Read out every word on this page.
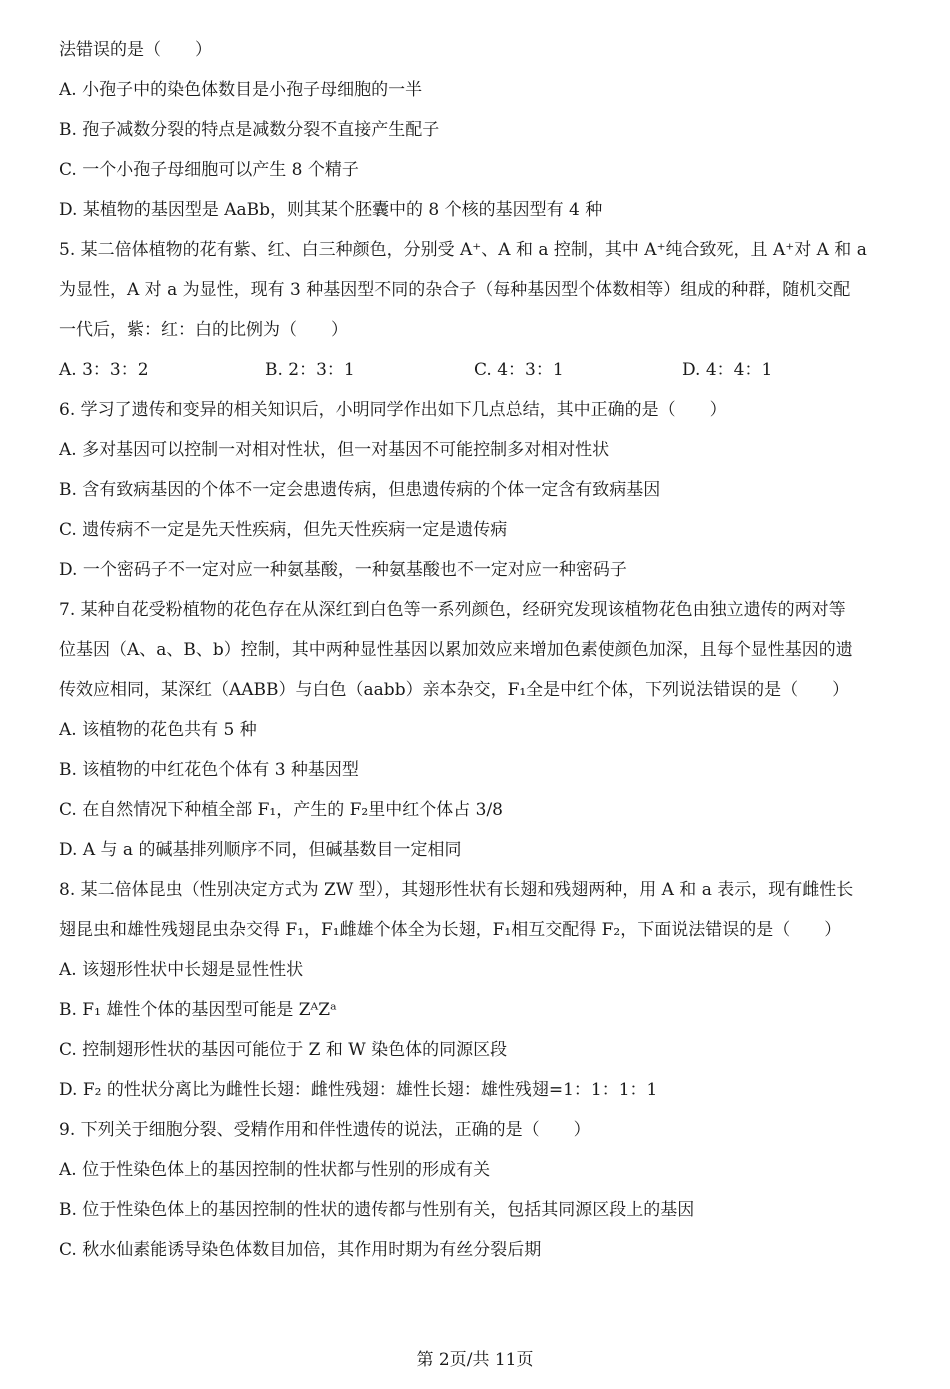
法错误的是（　　）
A. 小孢子中的染色体数目是小孢子母细胞的一半
B. 孢子减数分裂的特点是减数分裂不直接产生配子
C. 一个小孢子母细胞可以产生 8 个精子
D. 某植物的基因型是 AaBb，则其某个胚囊中的 8 个核的基因型有 4 种
5. 某二倍体植物的花有紫、红、白三种颜色，分别受 A⁺、A 和 a 控制，其中 A⁺纯合致死，且 A⁺对 A 和 a
为显性，A 对 a 为显性，现有 3 种基因型不同的杂合子（每种基因型个体数相等）组成的种群，随机交配
一代后，紫：红：白的比例为（　　）
A. 3：3：2	B. 2：3：1	C. 4：3：1	D. 4：4：1
6. 学习了遗传和变异的相关知识后，小明同学作出如下几点总结，其中正确的是（　　）
A. 多对基因可以控制一对相对性状，但一对基因不可能控制多对相对性状
B. 含有致病基因的个体不一定会患遗传病，但患遗传病的个体一定含有致病基因
C. 遗传病不一定是先天性疾病，但先天性疾病一定是遗传病
D. 一个密码子不一定对应一种氨基酸，一种氨基酸也不一定对应一种密码子
7. 某种自花受粉植物的花色存在从深红到白色等一系列颜色，经研究发现该植物花色由独立遗传的两对等
位基因（A、a、B、b）控制，其中两种显性基因以累加效应来增加色素使颜色加深，且每个显性基因的遗
传效应相同，某深红（AABB）与白色（aabb）亲本杂交，F₁全是中红个体，下列说法错误的是（　　）
A. 该植物的花色共有 5 种
B. 该植物的中红花色个体有 3 种基因型
C. 在自然情况下种植全部 F₁，产生的 F₂里中红个体占 3/8
D. A 与 a 的碱基排列顺序不同，但碱基数目一定相同
8. 某二倍体昆虫（性别决定方式为 ZW 型），其翅形性状有长翅和残翅两种，用 A 和 a 表示，现有雌性长
翅昆虫和雄性残翅昆虫杂交得 F₁，F₁雌雄个体全为长翅，F₁相互交配得 F₂，下面说法错误的是（　　）
A. 该翅形性状中长翅是显性性状
B. F₁ 雄性个体的基因型可能是 ZᴬZᵃ
C. 控制翅形性状的基因可能位于 Z 和 W 染色体的同源区段
D. F₂ 的性状分离比为雌性长翅：雌性残翅：雄性长翅：雄性残翅=1：1：1：1
9. 下列关于细胞分裂、受精作用和伴性遗传的说法，正确的是（　　）
A. 位于性染色体上的基因控制的性状都与性别的形成有关
B. 位于性染色体上的基因控制的性状的遗传都与性别有关，包括其同源区段上的基因
C. 秋水仙素能诱导染色体数目加倍，其作用时期为有丝分裂后期
第 2页/共 11页
